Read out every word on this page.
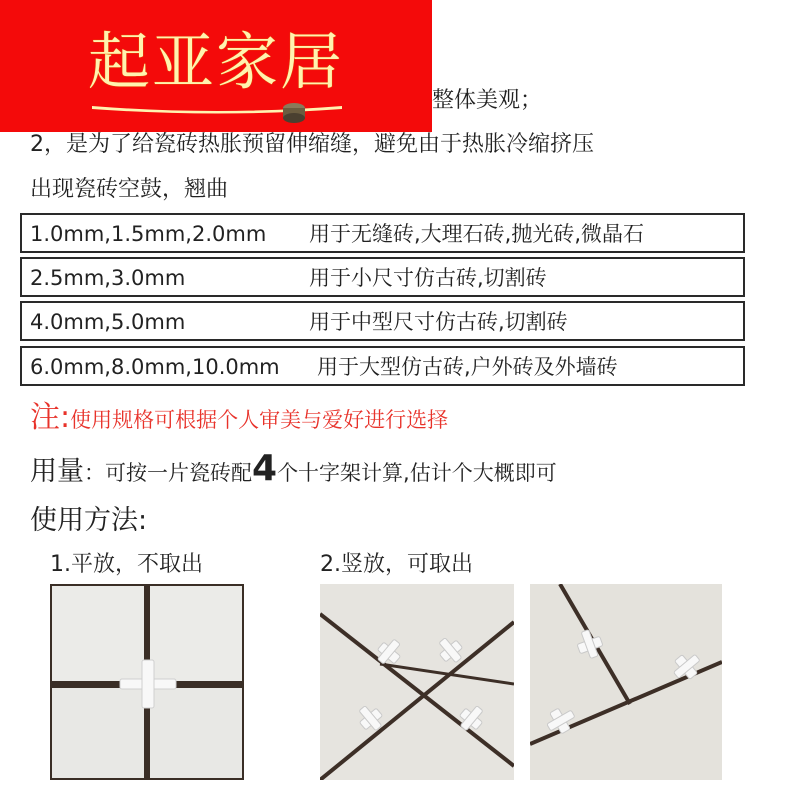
起亚家居
整体美观；
2，是为了给瓷砖热胀预留伸缩缝，避免由于热胀冷缩挤压
出现瓷砖空鼓，翘曲
1.0mm,1.5mm,2.0mm 用于无缝砖,大理石砖,抛光砖,微晶石
2.5mm,3.0mm	用于小尺寸仿古砖,切割砖
4.0mm,5.0mm	用于中型尺寸仿古砖,切割砖
6.0mm,8.0mm,10.0mm 用于大型仿古砖,户外砖及外墙砖
注:使用规格可根据个人审美与爱好进行选择
用量：可按一片瓷砖配4个十字架计算,估计个大概即可
使用方法:
1.平放，不取出	2.竖放，可取出
